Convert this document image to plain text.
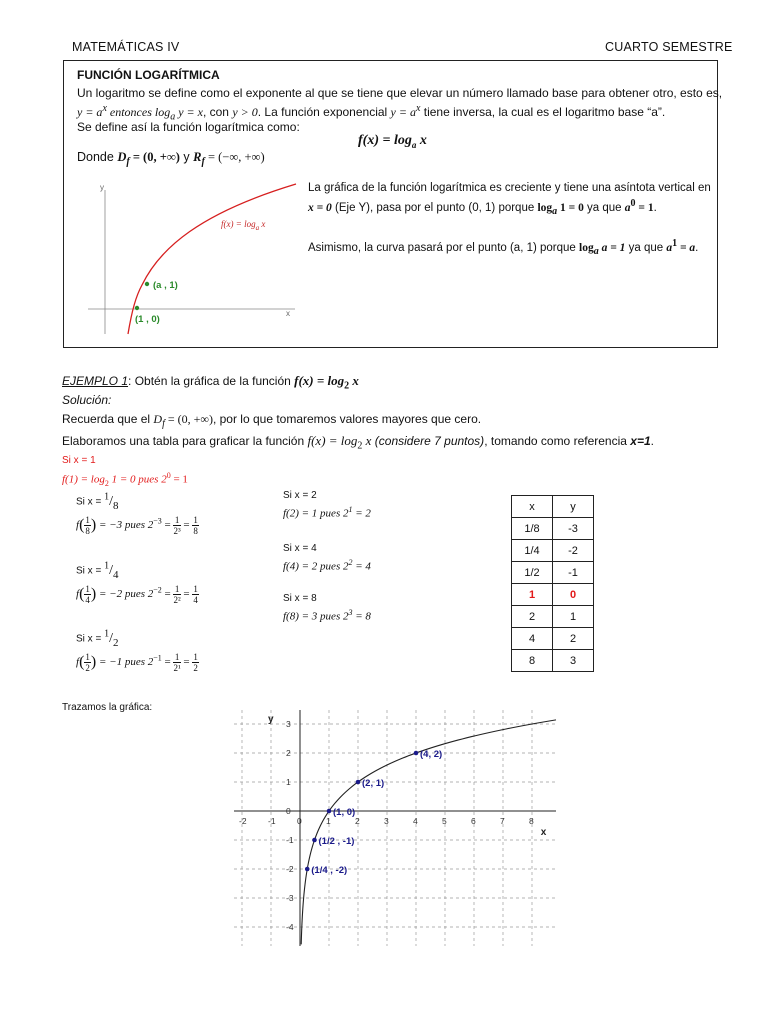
MATEMÁTICAS IV	CUARTO SEMESTRE
FUNCIÓN LOGARÍTMICA
Un logaritmo se define como el exponente al que se tiene que elevar un número llamado base para obtener otro, esto es,
$y = a^x$ entonces $\log_a y = x$, con y > 0. La función exponencial $y = a^x$ tiene inversa, la cual es el logaritmo base “a”.
Se define así la función logarítmica como:
$f(x) = \log_a x$
Donde $D_f = (0$, +∞) y $R_f$ = (−∞, +∞)
y
x
$f(x) = \log_a x$
(a , 1)
(1 , 0)
La gráfica de la función logarítmica es creciente y tiene una asíntota vertical en
x = 0 (Eje Y), pasa por el punto (0, 1) porque $\log_a 1 = 0$ ya que $a^0 = 1$.
Asimismo, la curva pasará por el punto (a, 1) porque $\log_a a = 1$ ya que $a^1 = a$.
EJEMPLO 1: Obtén la gráfica de la función $f(x) = \log_2 x$
Solución:
Recuerda que el $D_f = (0$, +∞), por lo que tomaremos valores mayores que cero.
Elaboramos una tabla para graficar la función $f(x) = \log_2 x$ (considere 7 puntos), tomando como referencia x=1.
Si x = 1
$f(1) = \log_2 1 = 0$ pues $2^0 = 1$
Si $x = ^1/_8$
$f( \frac{1}{8}$ ) = −3 pues $2^{-3} = \frac{1}{\text{2³}} = \frac{1}{8}$
Si $x = ^1/_4$
$f( \frac{1}{4}$ ) = −2 pues $2^{-2} = \frac{1}{\text{2²}} = \frac{1}{4}$
Si $x = ^1/_2$
$f( \frac{1}{2}$ ) = −1 pues $2^{-1} = \frac{1}{\text{2¹}} = \frac{1}{2}$
Si x = 2
f(2) = 1 pues $2^1 = 2$
Si x = 4
f(4) = 2 pues $2^2 = 4$
Si x = 8
f(8) = 3 pues $2^3 = 8$
x	y
1/8	-3
1/4	-2
1/2	-1
1	0
2	1
4	2
8	3
Trazamos la gráfica:
x
y
-2	-1	0	1	2	3	4	5	6	7	8
3
2
1
0
-1
-2
-3
-4
(1/4 , -2)
(1/2 , -1)
(1, 0)
(2, 1)
(4, 2)
